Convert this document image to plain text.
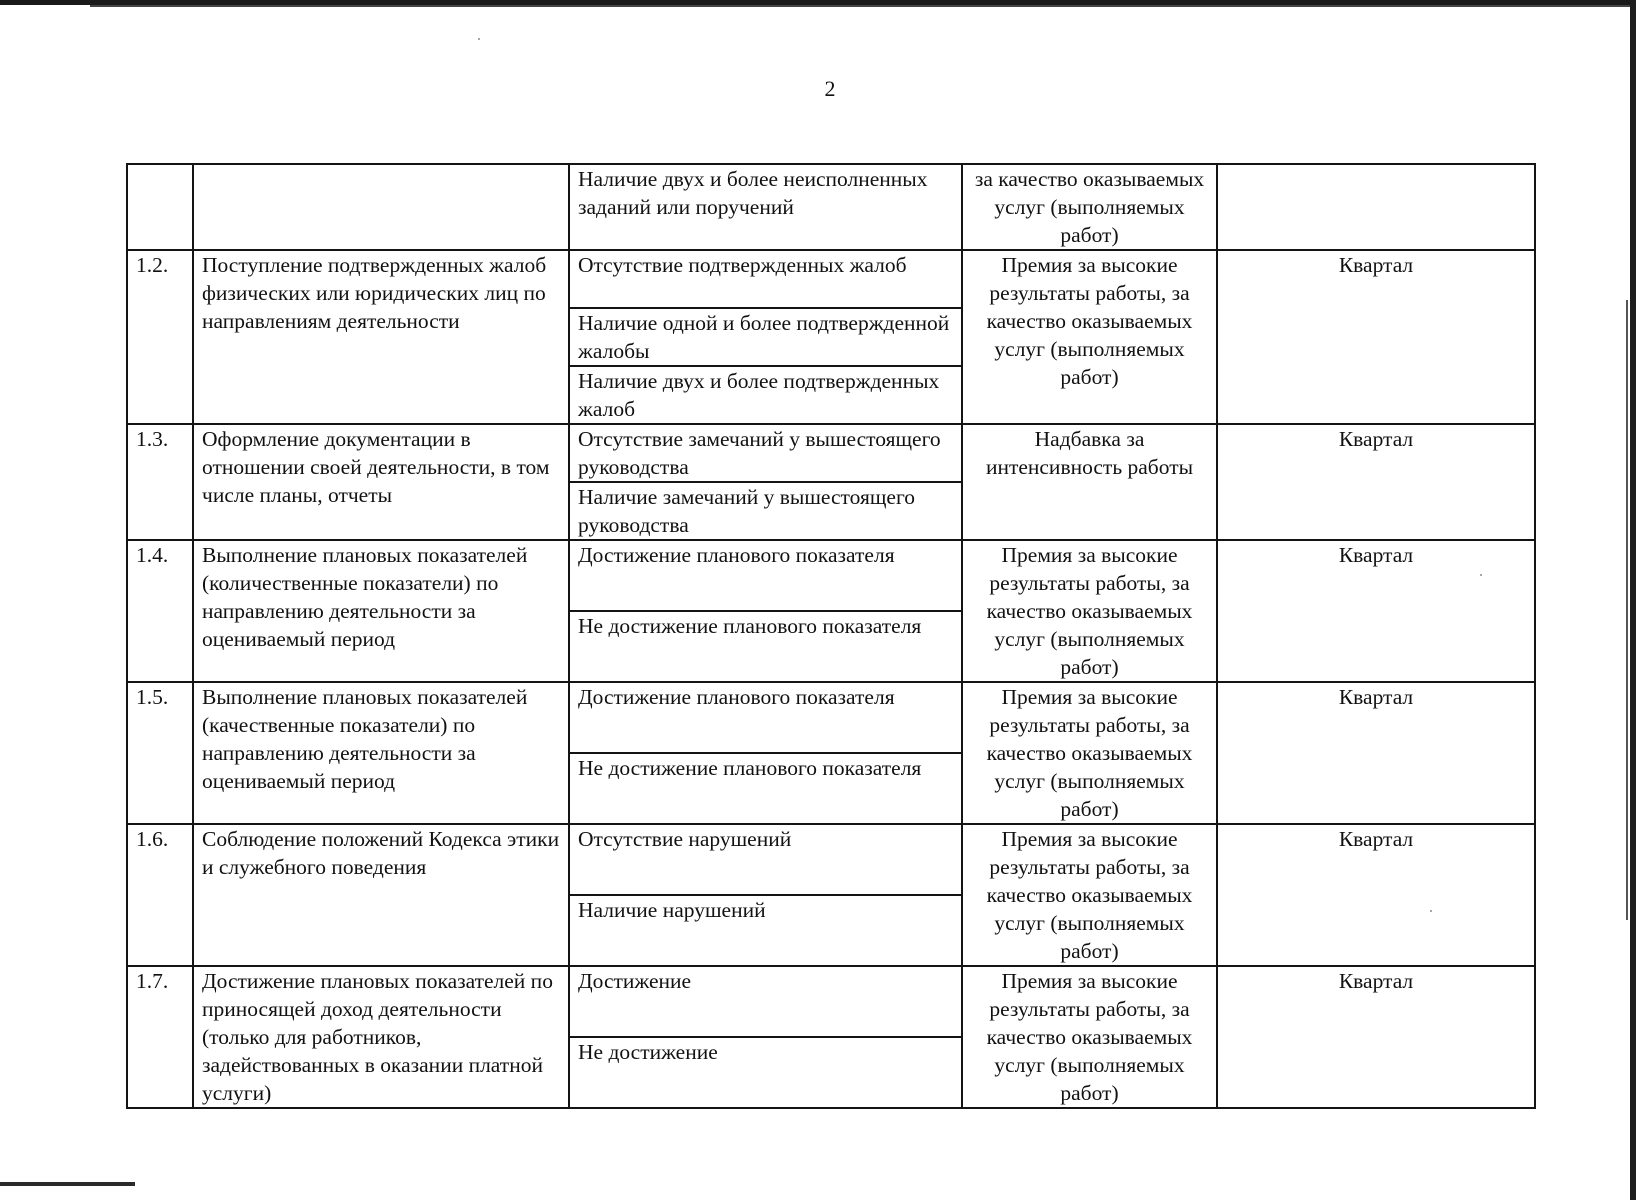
2
		Наличие двух и более неисполненных заданий или поручений	за качество оказываемых услуг (выполняемых работ)	
1.2.	Поступление подтвержденных жалоб физических или юридических лиц по направлениям деятельности	Отсутствие подтвержденных жалоб	Премия за высокие результаты работы, за качество оказываемых услуг (выполняемых работ)	Квартал
		Наличие одной и более подтвержденной жалобы		
		Наличие двух и более подтвержденных жалоб		
1.3.	Оформление документации в отношении своей деятельности, в том числе планы, отчеты	Отсутствие замечаний у вышестоящего руководства	Надбавка за интенсивность работы	Квартал
		Наличие замечаний у вышестоящего руководства		
1.4.	Выполнение плановых показателей (количественные показатели) по направлению деятельности за оцениваемый период	Достижение планового показателя	Премия за высокие результаты работы, за качество оказываемых услуг (выполняемых работ)	Квартал
		Не достижение планового показателя		
1.5.	Выполнение плановых показателей (качественные показатели) по направлению деятельности за оцениваемый период	Достижение планового показателя	Премия за высокие результаты работы, за качество оказываемых услуг (выполняемых работ)	Квартал
		Не достижение планового показателя		
1.6.	Соблюдение положений Кодекса этики и служебного поведения	Отсутствие нарушений	Премия за высокие результаты работы, за качество оказываемых услуг (выполняемых работ)	Квартал
		Наличие нарушений		
1.7.	Достижение плановых показателей по приносящей доход деятельности (только для работников, задействованных в оказании платной услуги)	Достижение	Премия за высокие результаты работы, за качество оказываемых услуг (выполняемых работ)	Квартал
		Не достижение		
